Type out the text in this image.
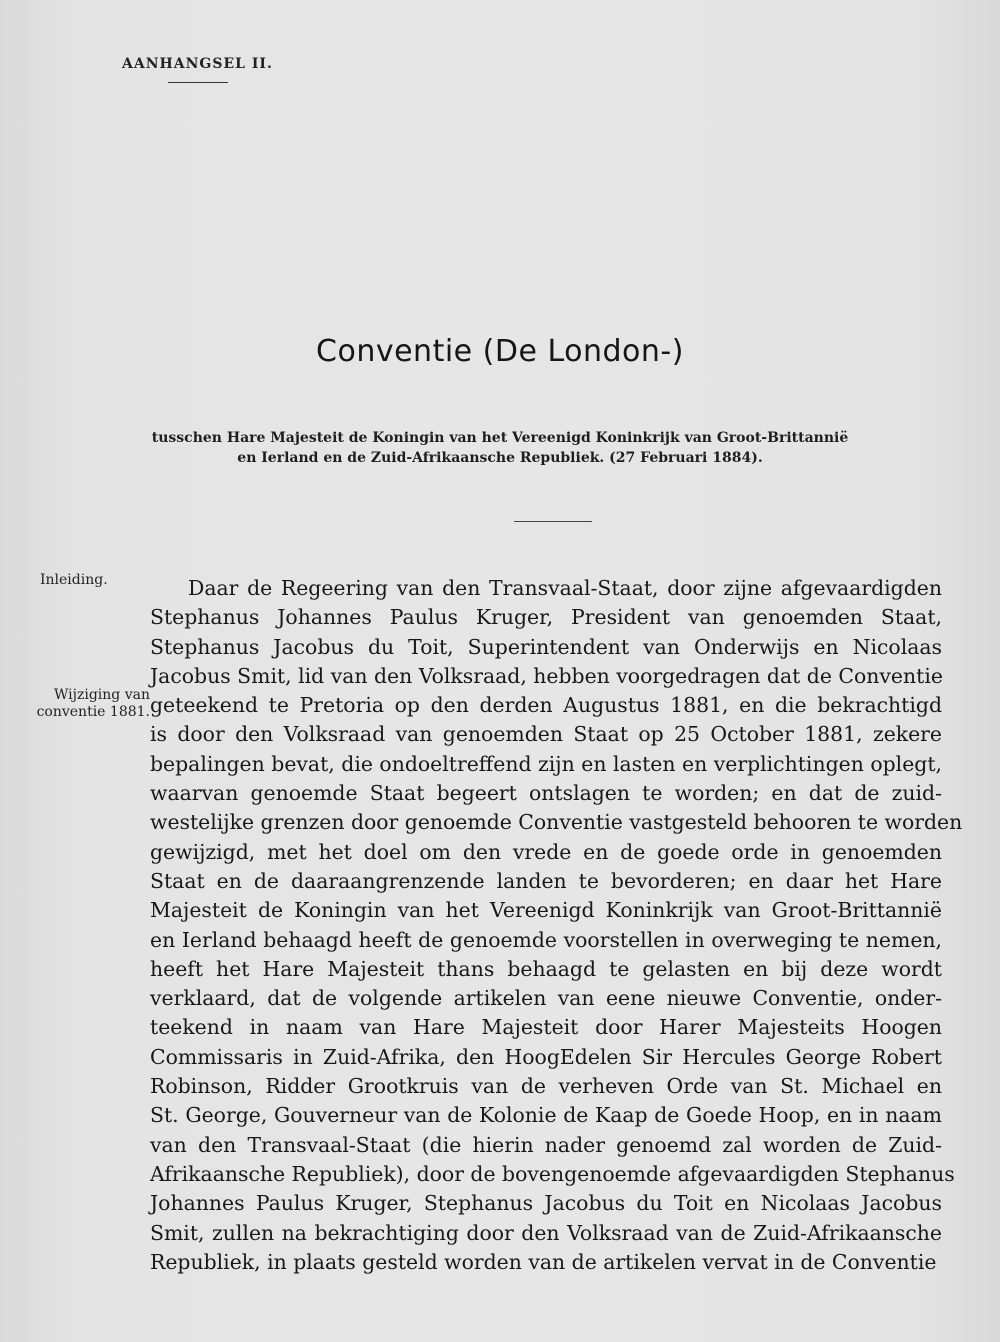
AANHANGSEL II.
Conventie (De London-)
tusschen Hare Majesteit de Koningin van het Vereenigd Koninkrijk van Groot-Brittannië en Ierland en de Zuid-Afrikaansche Republiek. (27 Februari 1884).
Inleiding.
Wijziging van conventie 1881.
Daar de Regeering van den Transvaal-Staat, door zijne afgevaardigden
Stephanus Johannes Paulus Kruger, President van genoemden Staat,
Stephanus Jacobus du Toit, Superintendent van Onderwijs en Nicolaas
Jacobus Smit, lid van den Volksraad, hebben voorgedragen dat de Conventie
geteekend te Pretoria op den derden Augustus 1881, en die bekrachtigd
is door den Volksraad van genoemden Staat op 25 October 1881, zekere
bepalingen bevat, die ondoeltreffend zijn en lasten en verplichtingen oplegt,
waarvan genoemde Staat begeert ontslagen te worden; en dat de zuid-
westelijke grenzen door genoemde Conventie vastgesteld behooren te worden
gewijzigd, met het doel om den vrede en de goede orde in genoemden
Staat en de daaraangrenzende landen te bevorderen; en daar het Hare
Majesteit de Koningin van het Vereenigd Koninkrijk van Groot-Brittannië
en Ierland behaagd heeft de genoemde voorstellen in overweging te nemen,
heeft het Hare Majesteit thans behaagd te gelasten en bij deze wordt
verklaard, dat de volgende artikelen van eene nieuwe Conventie, onder-
teekend in naam van Hare Majesteit door Harer Majesteits Hoogen
Commissaris in Zuid-Afrika, den HoogEdelen Sir Hercules George Robert
Robinson, Ridder Grootkruis van de verheven Orde van St. Michael en
St. George, Gouverneur van de Kolonie de Kaap de Goede Hoop, en in naam
van den Transvaal-Staat (die hierin nader genoemd zal worden de Zuid-
Afrikaansche Republiek), door de bovengenoemde afgevaardigden Stephanus
Johannes Paulus Kruger, Stephanus Jacobus du Toit en Nicolaas Jacobus
Smit, zullen na bekrachtiging door den Volksraad van de Zuid-Afrikaansche
Republiek, in plaats gesteld worden van de artikelen vervat in de Conventie
